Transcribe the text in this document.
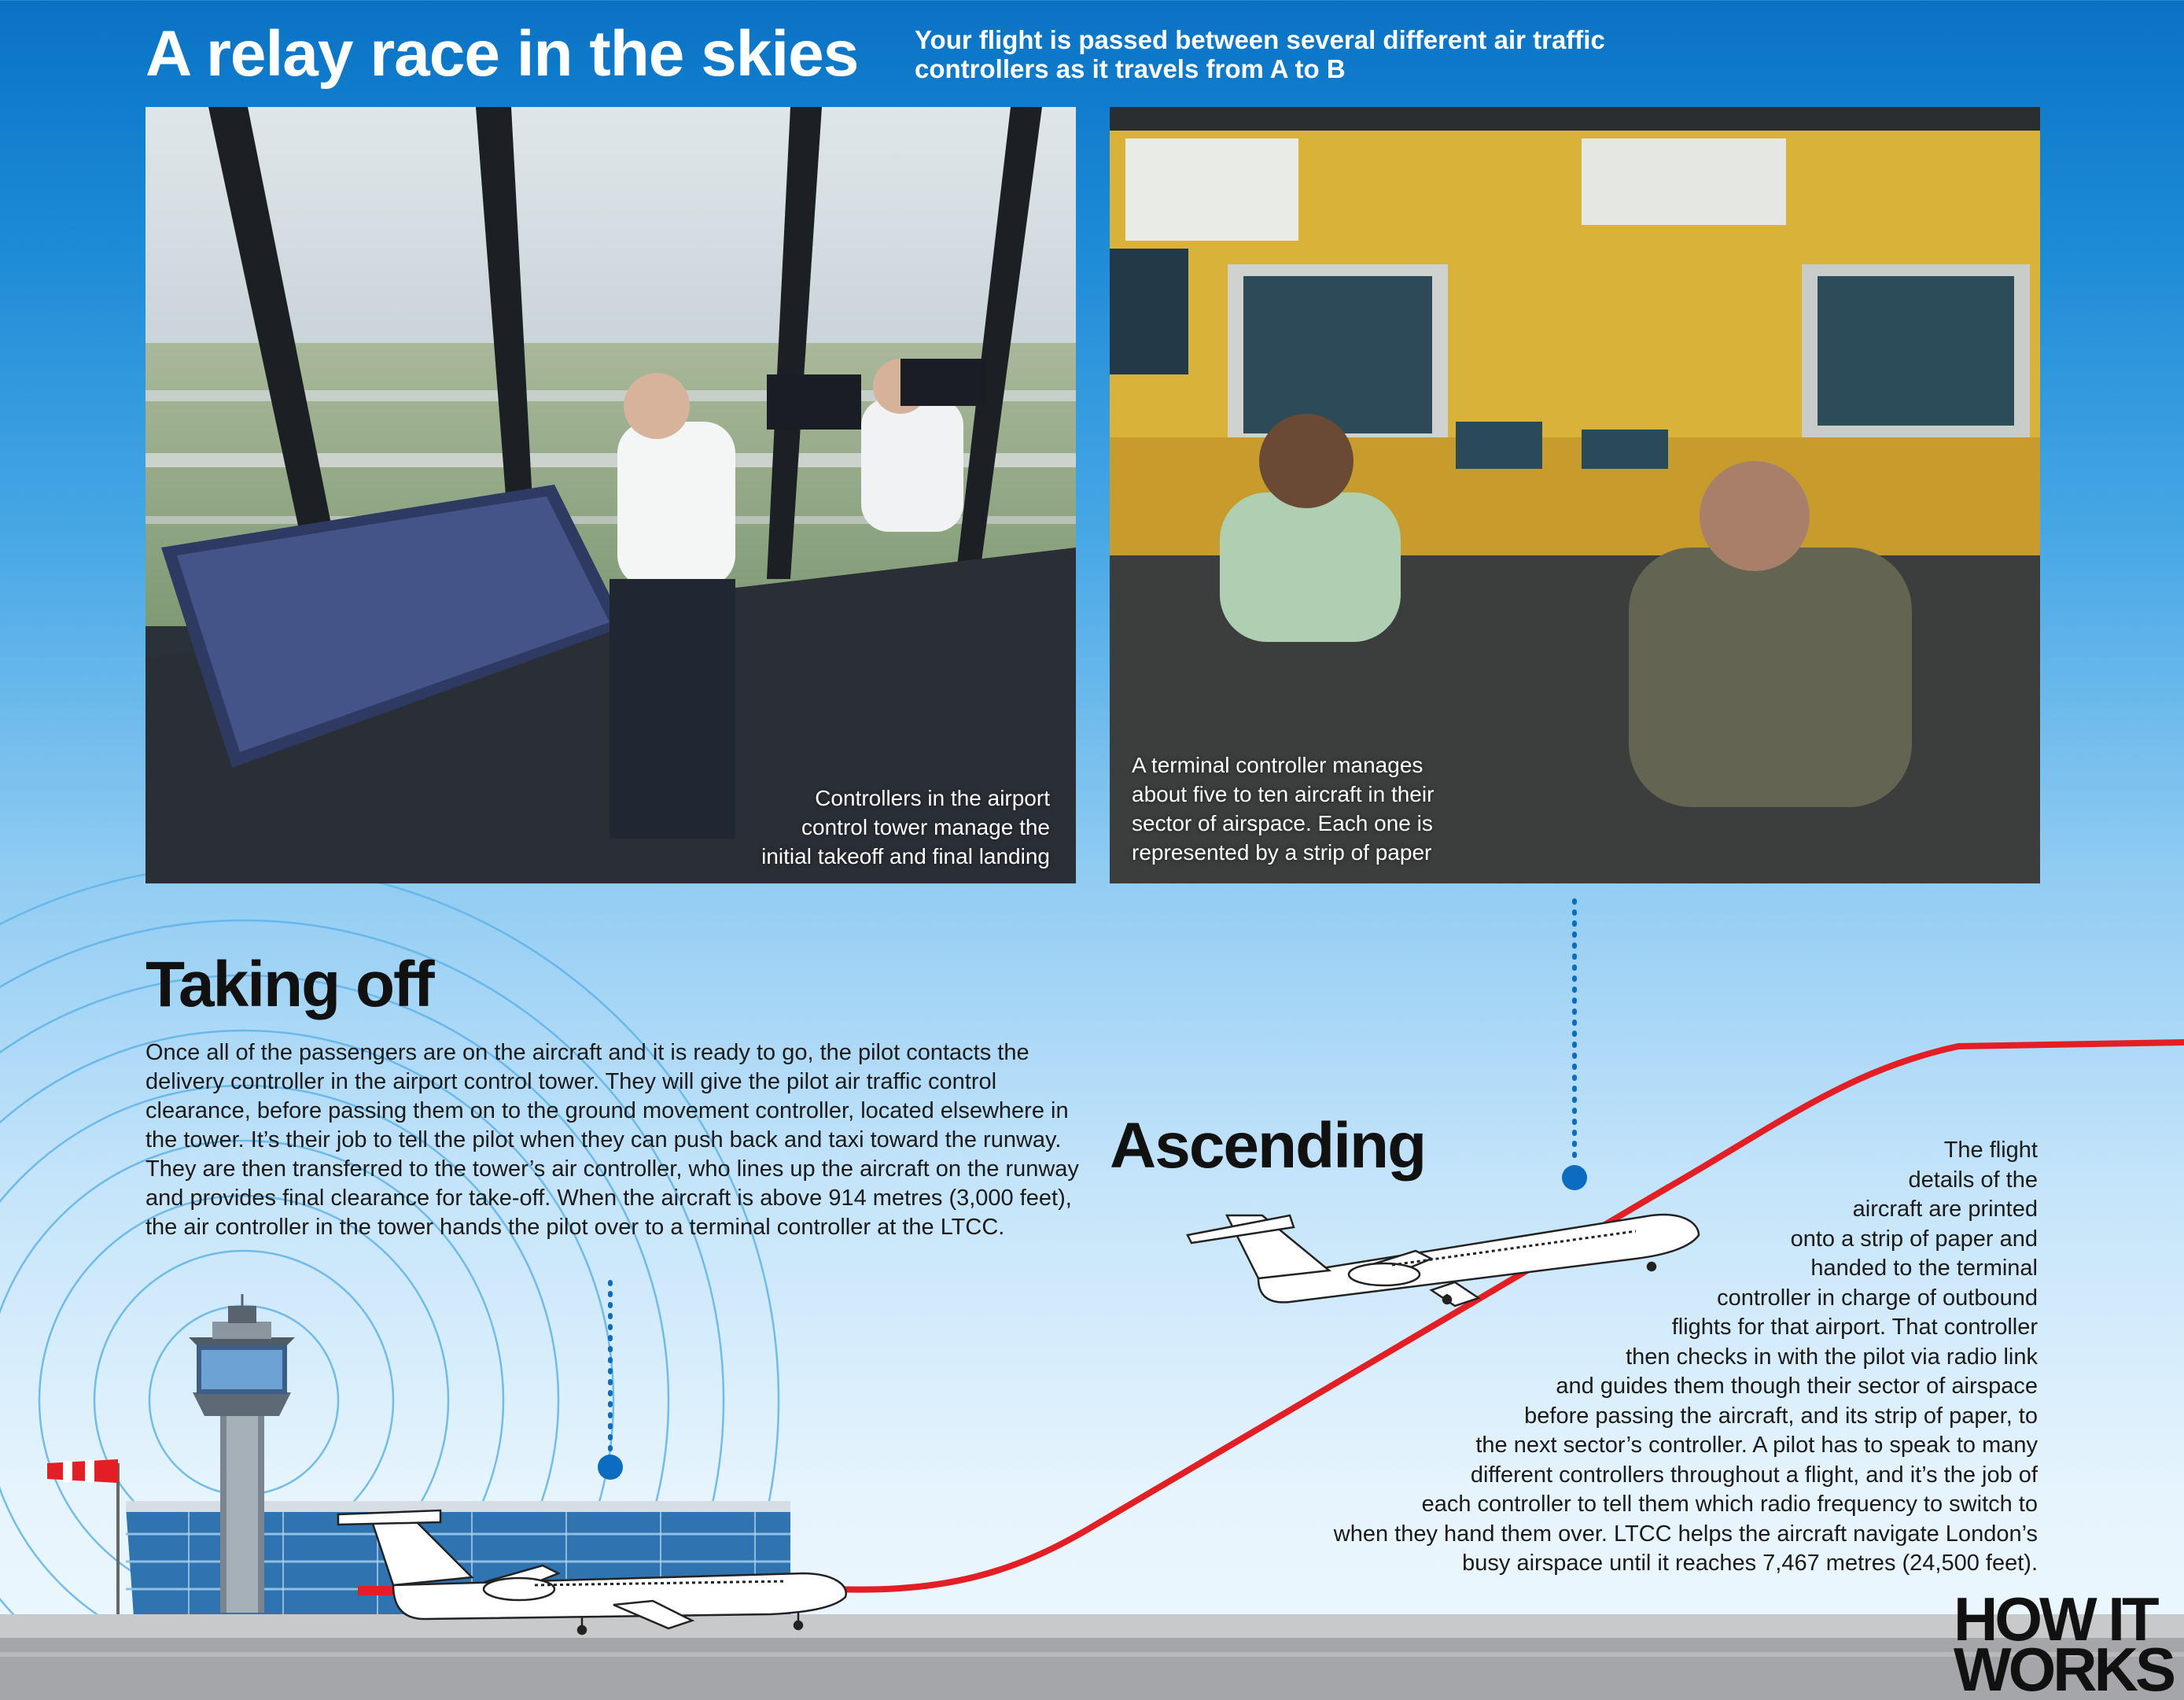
A relay race in the skies Your flight is passed between several different air traffic controllers as it travels from A to B
Controllers in the airport
control tower manage the
initial takeoff and final landing
A terminal controller manages
about five to ten aircraft in their
sector of airspace. Each one is
represented by a strip of paper
Taking off
Once all of the passengers are on the aircraft and it is ready to go, the pilot contacts the delivery controller in the airport control tower. They will give the pilot air traffic control clearance, before passing them on to the ground movement controller, located elsewhere in the tower. It’s their job to tell the pilot when they can push back and taxi toward the runway. They are then transferred to the tower’s air controller, who lines up the aircraft on the runway and provides final clearance for take-off. When the aircraft is above 914 metres (3,000 feet), the air controller in the tower hands the pilot over to a terminal controller at the LTCC.
Ascending	The flight
details of the
aircraft are printed
onto a strip of paper and
handed to the terminal
controller in charge of outbound
flights for that airport. That controller
then checks in with the pilot via radio link
and guides them though their sector of airspace
before passing the aircraft, and its strip of paper, to
the next sector’s controller. A pilot has to speak to many
different controllers throughout a flight, and it’s the job of
each controller to tell them which radio frequency to switch to
when they hand them over. LTCC helps the aircraft navigate London’s
busy airspace until it reaches 7,467 metres (24,500 feet).
HOW IT
WORKS
